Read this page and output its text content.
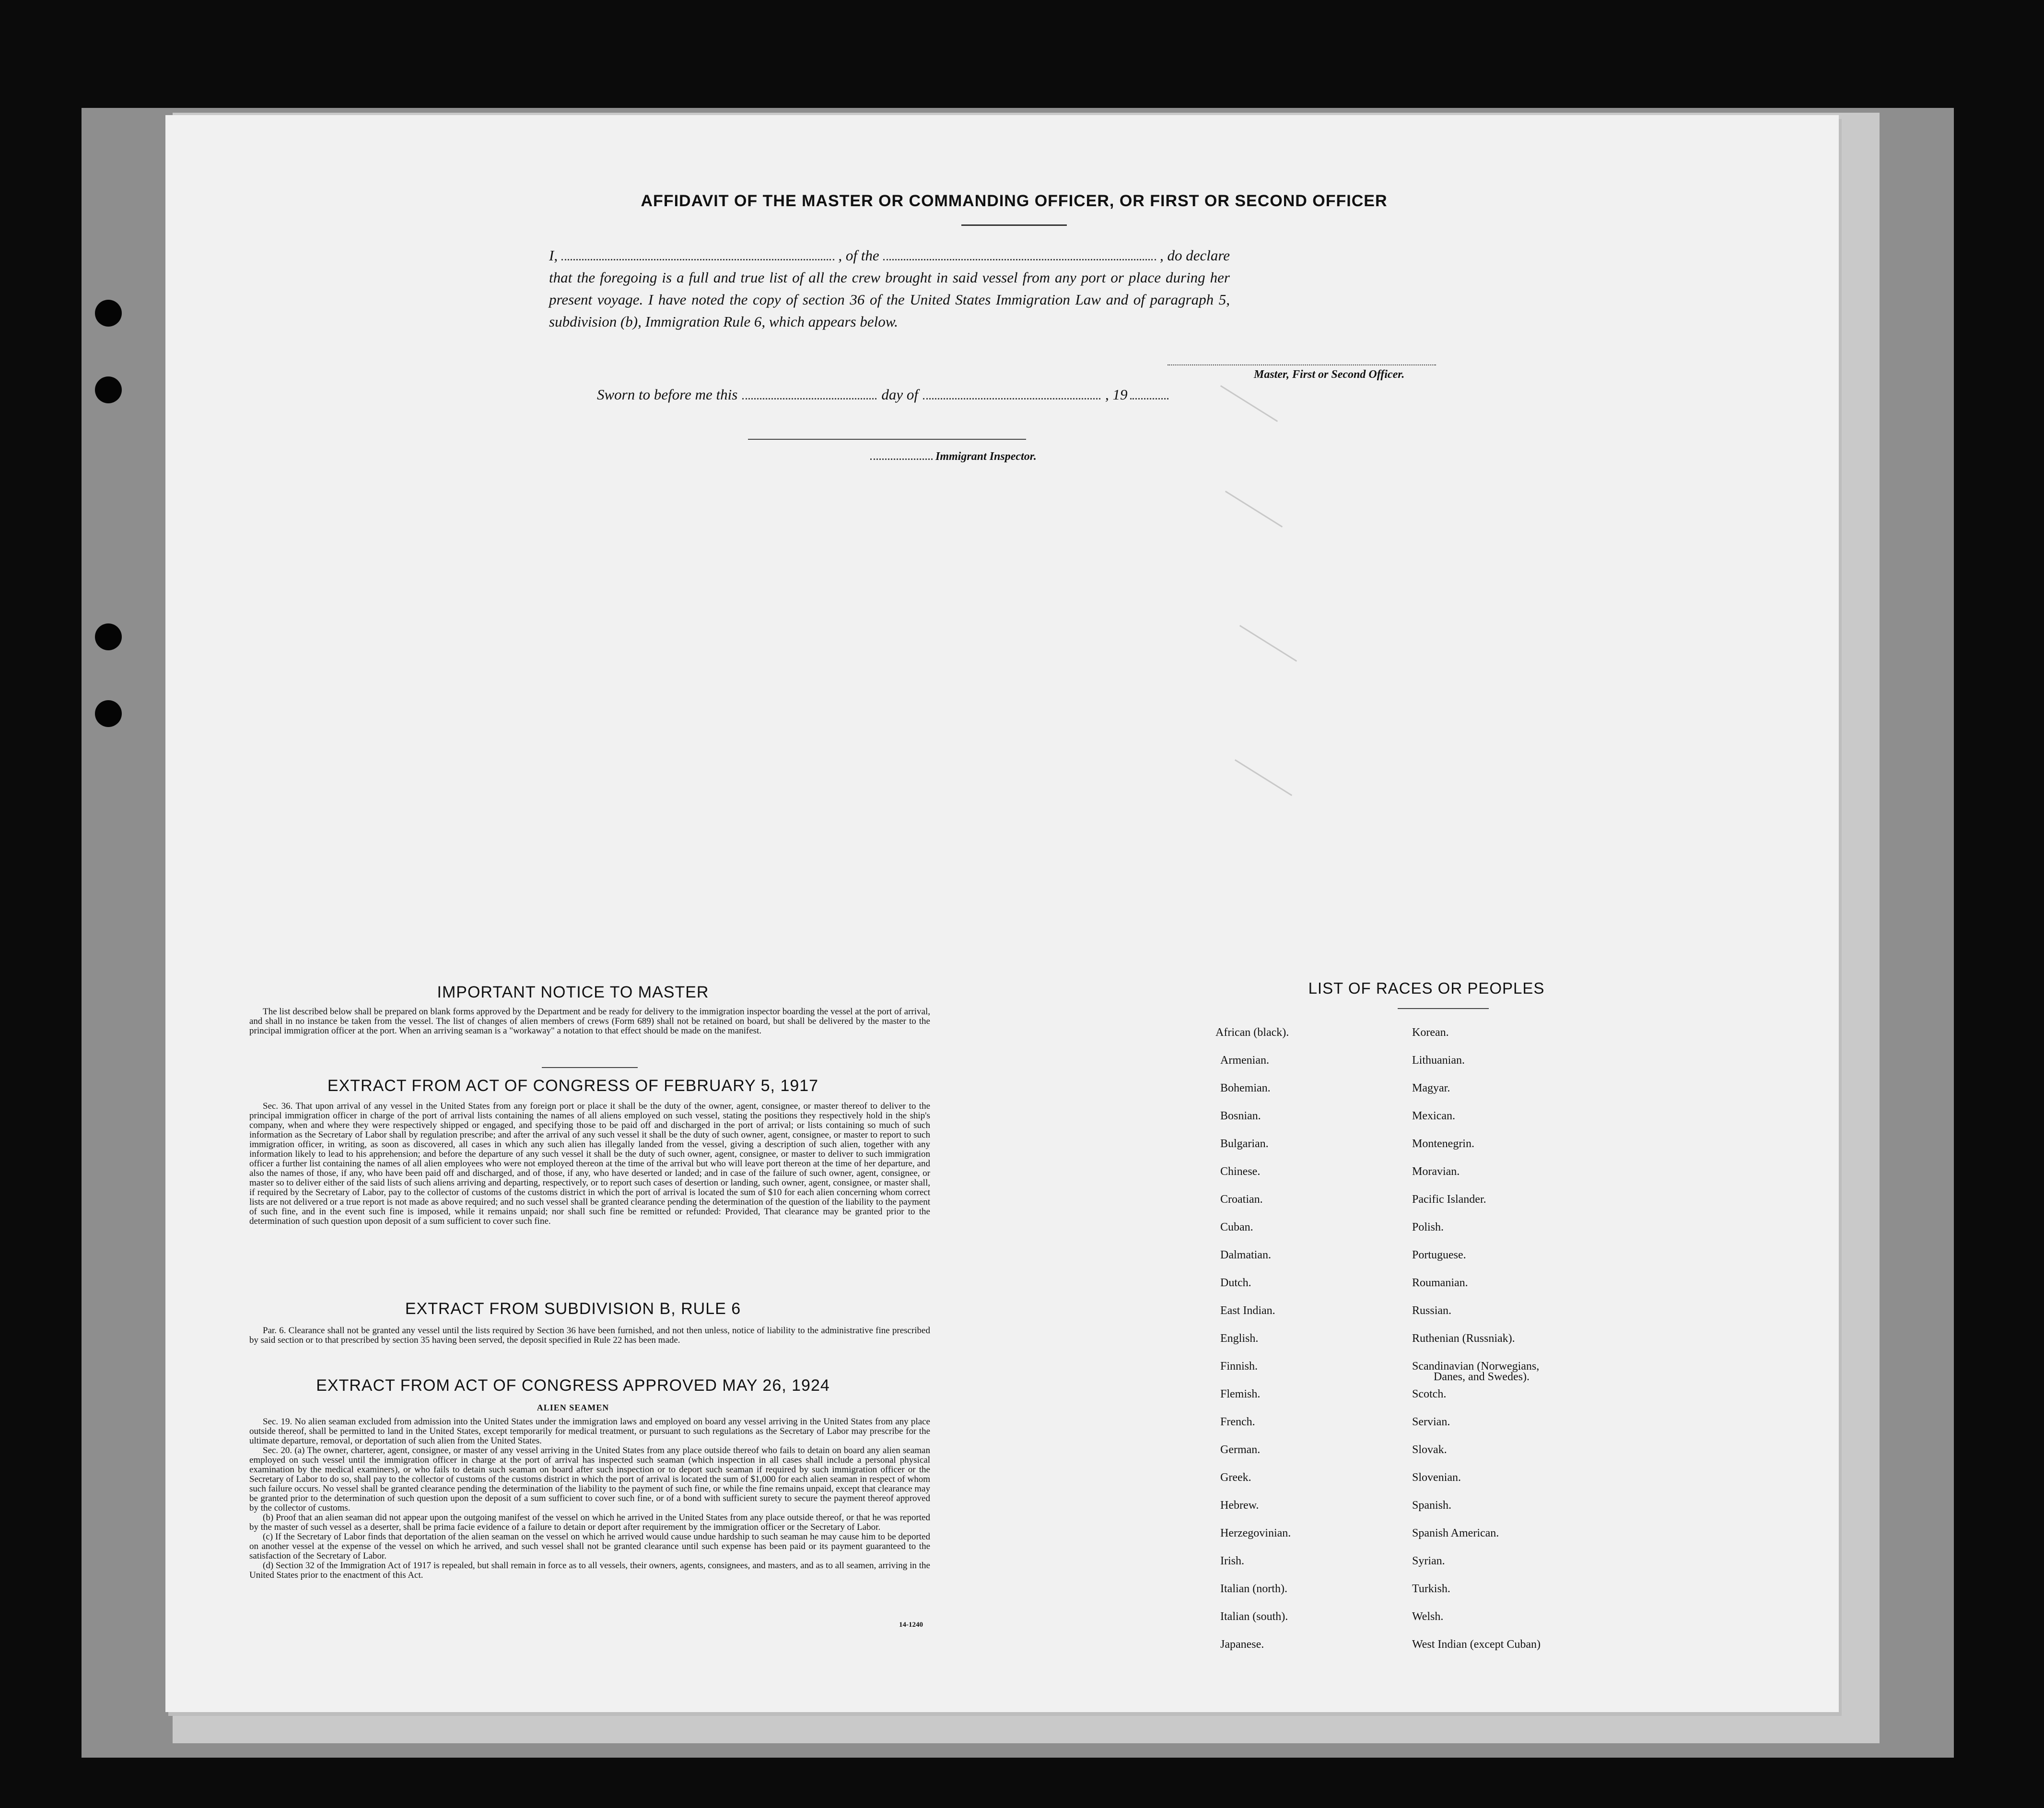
AFFIDAVIT OF THE MASTER OR COMMANDING OFFICER, OR FIRST OR SECOND OFFICER
I,	, of the	, do declare
that the foregoing is a full and true list of all the crew brought in said vessel from any port or place during her present voyage. I have noted the copy of section 36 of the United States Immigration Law and of paragraph 5, subdivision (b), Immigration Rule 6, which appears below.
Master, First or Second Officer.
Sworn to before me this	day of	, 19
Immigrant Inspector.
IMPORTANT NOTICE TO MASTER

The list described below shall be prepared on blank forms approved by the Department and be ready for delivery to the immigration inspector boarding the vessel at the port of arrival, and shall in no instance be taken from the vessel. The list of changes of alien members of crews (Form 689) shall not be retained on board, but shall be delivered by the master to the principal immigration officer at the port. When an arriving seaman is a "workaway" a notation to that effect should be made on the manifest.

EXTRACT FROM ACT OF CONGRESS OF FEBRUARY 5, 1917

Sec. 36. That upon arrival of any vessel in the United States from any foreign port or place it shall be the duty of the owner, agent, consignee, or master thereof to deliver to the principal immigration officer in charge of the port of arrival lists containing the names of all aliens employed on such vessel, stating the positions they respectively hold in the ship's company, when and where they were respectively shipped or engaged, and specifying those to be paid off and discharged in the port of arrival; or lists containing so much of such information as the Secretary of Labor shall by regulation prescribe; and after the arrival of any such vessel it shall be the duty of such owner, agent, consignee, or master to report to such immigration officer, in writing, as soon as discovered, all cases in which any such alien has illegally landed from the vessel, giving a description of such alien, together with any information likely to lead to his apprehension; and before the departure of any such vessel it shall be the duty of such owner, agent, consignee, or master to deliver to such immigration officer a further list containing the names of all alien employees who were not employed thereon at the time of the arrival but who will leave port thereon at the time of her departure, and also the names of those, if any, who have been paid off and discharged, and of those, if any, who have deserted or landed; and in case of the failure of such owner, agent, consignee, or master so to deliver either of the said lists of such aliens arriving and departing, respectively, or to report such cases of desertion or landing, such owner, agent, consignee, or master shall, if required by the Secretary of Labor, pay to the collector of customs of the customs district in which the port of arrival is located the sum of $10 for each alien concerning whom correct lists are not delivered or a true report is not made as above required; and no such vessel shall be granted clearance pending the determination of the question of the liability to the payment of such fine, and in the event such fine is imposed, while it remains unpaid; nor shall such fine be remitted or refunded: Provided, That clearance may be granted prior to the determination of such question upon deposit of a sum sufficient to cover such fine.

EXTRACT FROM SUBDIVISION B, RULE 6

Par. 6. Clearance shall not be granted any vessel until the lists required by Section 36 have been furnished, and not then unless, notice of liability to the administrative fine prescribed by said section or to that prescribed by section 35 having been served, the deposit specified in Rule 22 has been made.

EXTRACT FROM ACT OF CONGRESS APPROVED MAY 26, 1924
ALIEN SEAMEN

Sec. 19. No alien seaman excluded from admission into the United States under the immigration laws and employed on board any vessel arriving in the United States from any place outside thereof, shall be permitted to land in the United States, except temporarily for medical treatment, or pursuant to such regulations as the Secretary of Labor may prescribe for the ultimate departure, removal, or deportation of such alien from the United States.

Sec. 20. (a) The owner, charterer, agent, consignee, or master of any vessel arriving in the United States from any place outside thereof who fails to detain on board any alien seaman employed on such vessel until the immigration officer in charge at the port of arrival has inspected such seaman (which inspection in all cases shall include a personal physical examination by the medical examiners), or who fails to detain such seaman on board after such inspection or to deport such seaman if required by such immigration officer or the Secretary of Labor to do so, shall pay to the collector of customs of the customs district in which the port of arrival is located the sum of $1,000 for each alien seaman in respect of whom such failure occurs. No vessel shall be granted clearance pending the determination of the liability to the payment of such fine, or while the fine remains unpaid, except that clearance may be granted prior to the determination of such question upon the deposit of a sum sufficient to cover such fine, or of a bond with sufficient surety to secure the payment thereof approved by the collector of customs.

(b) Proof that an alien seaman did not appear upon the outgoing manifest of the vessel on which he arrived in the United States from any place outside thereof, or that he was reported by the master of such vessel as a deserter, shall be prima facie evidence of a failure to detain or deport after requirement by the immigration officer or the Secretary of Labor.

(c) If the Secretary of Labor finds that deportation of the alien seaman on the vessel on which he arrived would cause undue hardship to such seaman he may cause him to be deported on another vessel at the expense of the vessel on which he arrived, and such vessel shall not be granted clearance until such expense has been paid or its payment guaranteed to the satisfaction of the Secretary of Labor.

(d) Section 32 of the Immigration Act of 1917 is repealed, but shall remain in force as to all vessels, their owners, agents, consignees, and masters, and as to all seamen, arriving in the United States prior to the enactment of this Act.

14-1240
LIST OF RACES OR PEOPLES
African (black).
Armenian.
Bohemian.
Bosnian.
Bulgarian.
Chinese.
Croatian.
Cuban.
Dalmatian.
Dutch.
East Indian.
English.
Finnish.
Flemish.
French.
German.
Greek.
Hebrew.
Herzegovinian.
Irish.
Italian (north).
Italian (south).
Japanese.
Korean.
Lithuanian.
Magyar.
Mexican.
Montenegrin.
Moravian.
Pacific Islander.
Polish.
Portuguese.
Roumanian.
Russian.
Ruthenian (Russniak).
Scandinavian (Norwegians,
Danes, and Swedes).
Scotch.
Servian.
Slovak.
Slovenian.
Spanish.
Spanish American.
Syrian.
Turkish.
Welsh.
West Indian (except Cuban)
